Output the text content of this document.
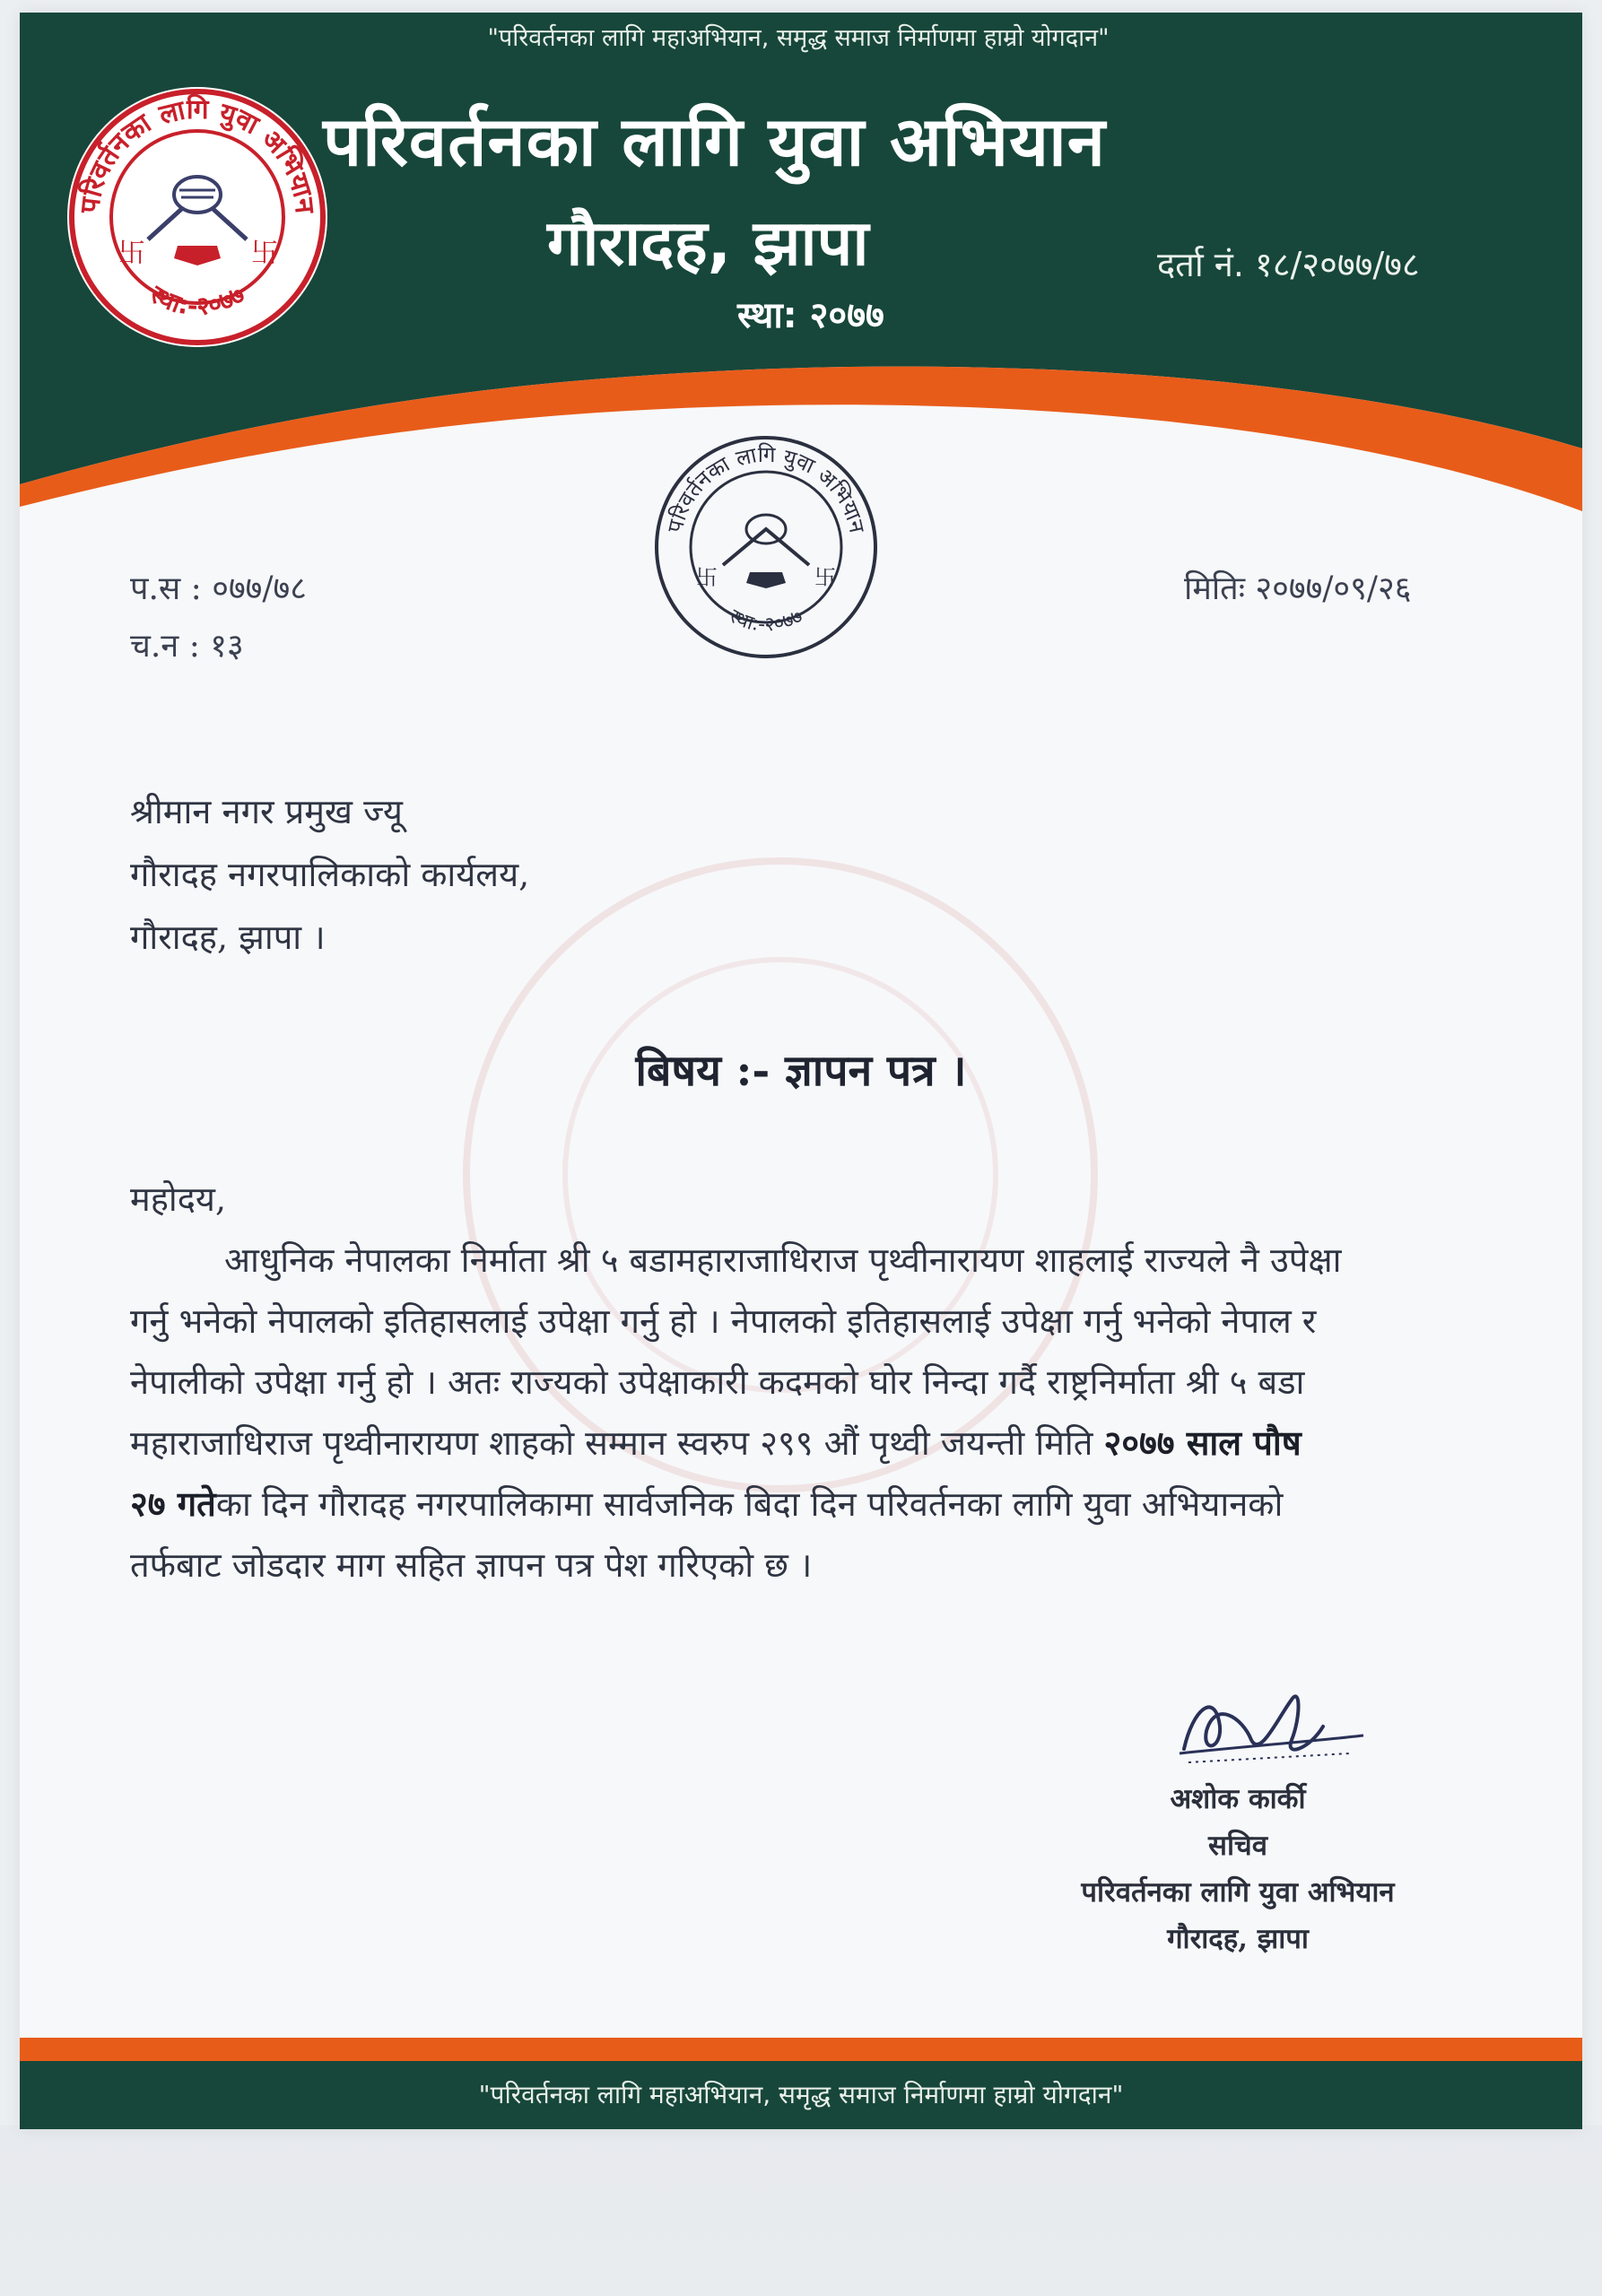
"परिवर्तनका लागि महाअभियान, समृद्ध समाज निर्माणमा हाम्रो योगदान"
परिवर्तनका लागि युवा अभियान
गौरादह, झापा
स्था: २०७७
दर्ता नं. १८/२०७७/७८
परिवर्तनका लागि युवा अभियान
स्था:-२०७७
卐	卐
परिवर्तनका लागि युवा अभियान
स्था:-२०७७
卐	卐
प.स : ०७७/७८
च.न : १३
मितिः २०७७/०९/२६
श्रीमान नगर प्रमुख ज्यू
गौरादह नगरपालिकाको कार्यलय,
गौरादह, झापा ।
बिषय :- ज्ञापन पत्र ।
महोदय,
आधुनिक नेपालका निर्माता श्री ५ बडामहाराजाधिराज पृथ्वीनारायण शाहलाई राज्यले नै उपेक्षा
गर्नु भनेको नेपालको इतिहासलाई उपेक्षा गर्नु हो । नेपालको इतिहासलाई उपेक्षा गर्नु भनेको नेपाल र
नेपालीको उपेक्षा गर्नु हो । अतः राज्यको उपेक्षाकारी कदमको घोर निन्दा गर्दै राष्ट्रनिर्माता श्री ५ बडा
महाराजाधिराज पृथ्वीनारायण शाहको सम्मान स्वरुप २९९ औं पृथ्वी जयन्ती मिति २०७७ साल पौष
२७ गतेका दिन गौरादह नगरपालिकामा सार्वजनिक बिदा दिन परिवर्तनका लागि युवा अभियानको
तर्फबाट जोडदार माग सहित ज्ञापन पत्र पेश गरिएको छ ।
अशोक कार्की
सचिव
परिवर्तनका लागि युवा अभियान
गौरादह, झापा
"परिवर्तनका लागि महाअभियान, समृद्ध समाज निर्माणमा हाम्रो योगदान"
